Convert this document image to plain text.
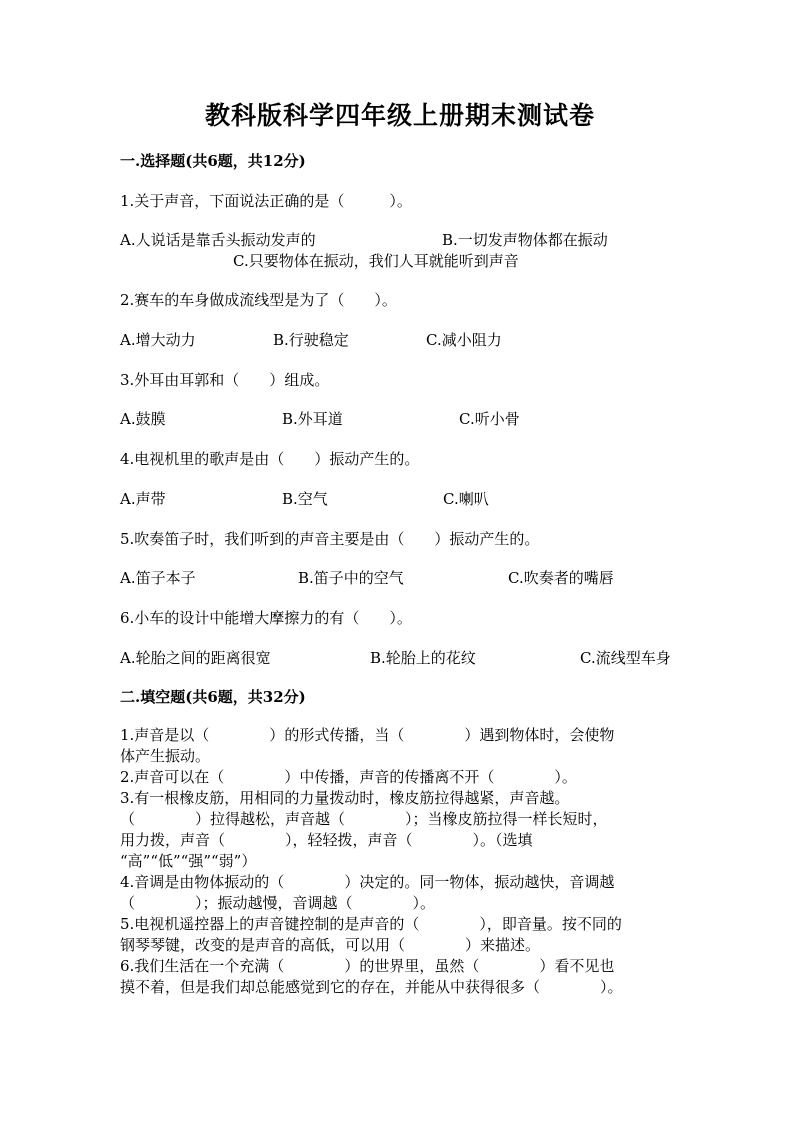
教科版科学四年级上册期末测试卷
一.选择题(共6题，共12分)
1.关于声音，下面说法正确的是（　　　）。
A.人说话是靠舌头振动发声的	B.一切发声物体都在振动
C.只要物体在振动，我们人耳就能听到声音
2.赛车的车身做成流线型是为了（　　）。
A.增大动力	B.行驶稳定	C.减小阻力
3.外耳由耳郭和（　　）组成。
A.鼓膜	B.外耳道	C.听小骨
4.电视机里的歌声是由（　　）振动产生的。
A.声带	B.空气	C.喇叭
5.吹奏笛子时，我们听到的声音主要是由（　　）振动产生的。
A.笛子本子	B.笛子中的空气	C.吹奏者的嘴唇
6.小车的设计中能增大摩擦力的有（　　）。
A.轮胎之间的距离很宽	B.轮胎上的花纹	C.流线型车身
二.填空题(共6题，共32分)
1.声音是以（　　　　）的形式传播，当（　　　　）遇到物体时，会使物
体产生振动。
2.声音可以在（　　　　）中传播，声音的传播离不开（　　　　）。
3.有一根橡皮筋，用相同的力量拨动时，橡皮筋拉得越紧，声音越。
（　　　　）拉得越松，声音越（　　　　）；当橡皮筋拉得一样长短时，
用力拨，声音（　　　　），轻轻拨，声音（　　　　）。（选填
“高”“低”“强”“弱”）
4.音调是由物体振动的（　　　　）决定的。同一物体，振动越快，音调越
（　　　　）；振动越慢，音调越（　　　　）。
5.电视机遥控器上的声音键控制的是声音的（　　　　），即音量。按不同的
钢琴琴键，改变的是声音的高低，可以用（　　　　）来描述。
6.我们生活在一个充满（　　　　）的世界里，虽然（　　　　）看不见也
摸不着，但是我们却总能感觉到它的存在，并能从中获得很多（　　　　）。
